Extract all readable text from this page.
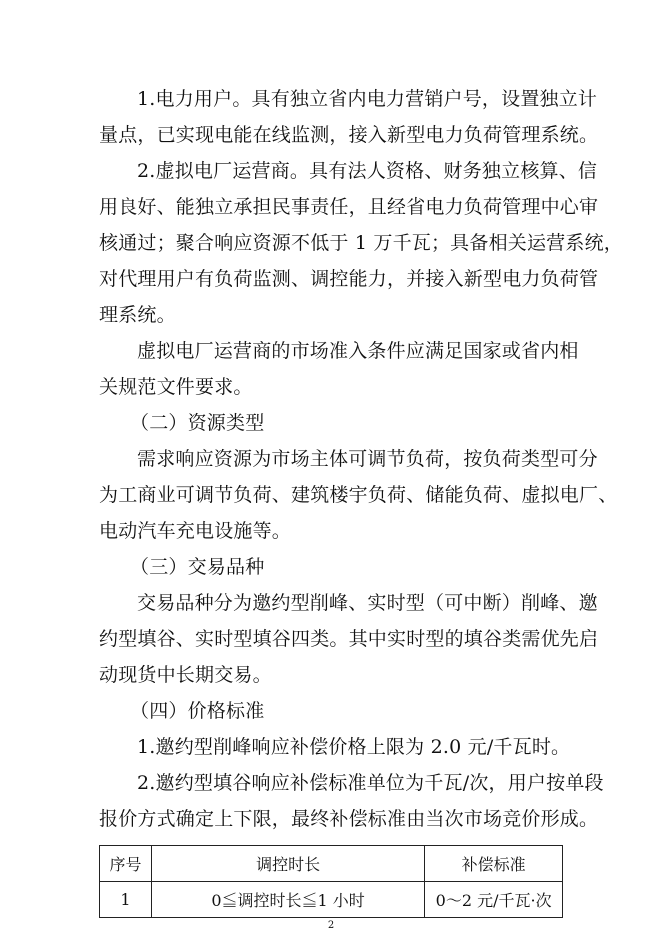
1.电力用户。具有独立省内电力营销户号，设置独立计
量点，已实现电能在线监测，接入新型电力负荷管理系统。
2.虚拟电厂运营商。具有法人资格、财务独立核算、信
用良好、能独立承担民事责任，且经省电力负荷管理中心审
核通过；聚合响应资源不低于 1 万千瓦；具备相关运营系统，
对代理用户有负荷监测、调控能力，并接入新型电力负荷管
理系统。
虚拟电厂运营商的市场准入条件应满足国家或省内相
关规范文件要求。
（二）资源类型
需求响应资源为市场主体可调节负荷，按负荷类型可分
为工商业可调节负荷、建筑楼宇负荷、储能负荷、虚拟电厂、
电动汽车充电设施等。
（三）交易品种
交易品种分为邀约型削峰、实时型（可中断）削峰、邀
约型填谷、实时型填谷四类。其中实时型的填谷类需优先启
动现货中长期交易。
（四）价格标准
1.邀约型削峰响应补偿价格上限为 2.0 元/千瓦时。
2.邀约型填谷响应补偿标准单位为千瓦/次，用户按单段
报价方式确定上下限，最终补偿标准由当次市场竞价形成。
序号	调控时长	补偿标准
1	0≦调控时长≦1 小时	0～2 元/千瓦·次
2
